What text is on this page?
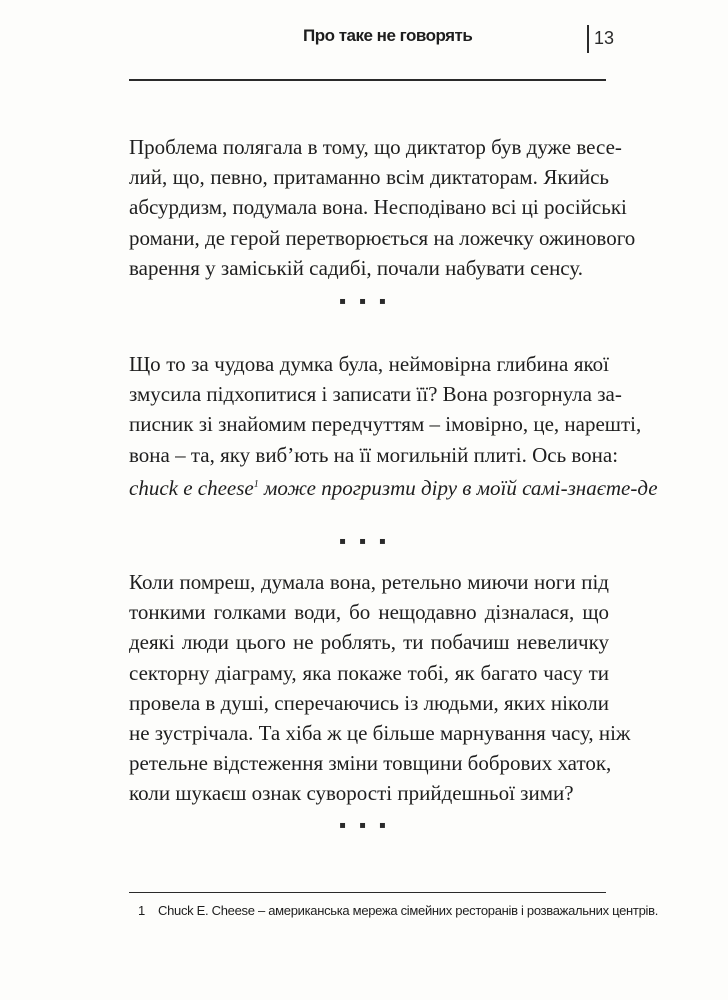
Про таке не говорять	13
Проблема полягала в тому, що диктатор був дуже весе-
лий, що, певно, притаманно всім диктаторам. Якийсь
абсурдизм, подумала вона. Несподівано всі ці російські
романи, де герой перетворюється на ложечку ожинового
варення у заміській садибі, почали набувати сенсу.
▪ ▪ ▪
Що то за чудова думка була, неймовірна глибина якої
змусила підхопитися і записати її? Вона розгорнула за-
писник зі знайомим передчуттям – імовірно, це, нарешті,
вона – та, яку виб’ють на її могильній плиті. Ось вона:
chuck e cheese$^1$ може прогризти діру в моїй самі-знаєте-де
▪ ▪ ▪
Коли помреш, думала вона, ретельно миючи ноги під
тонкими голками води, бо нещодавно дізналася, що
деякі люди цього не роблять, ти побачиш невеличку
секторну діаграму, яка покаже тобі, як багато часу ти
провела в душі, сперечаючись із людьми, яких ніколи
не зустрічала. Та хіба ж це більше марнування часу, ніж
ретельне відстеження зміни товщини бобрових хаток,
коли шукаєш ознак суворості прийдешньої зими?
▪ ▪ ▪
1 Chuck E. Cheese – американська мережа сімейних ресторанів і розважальних центрів.
